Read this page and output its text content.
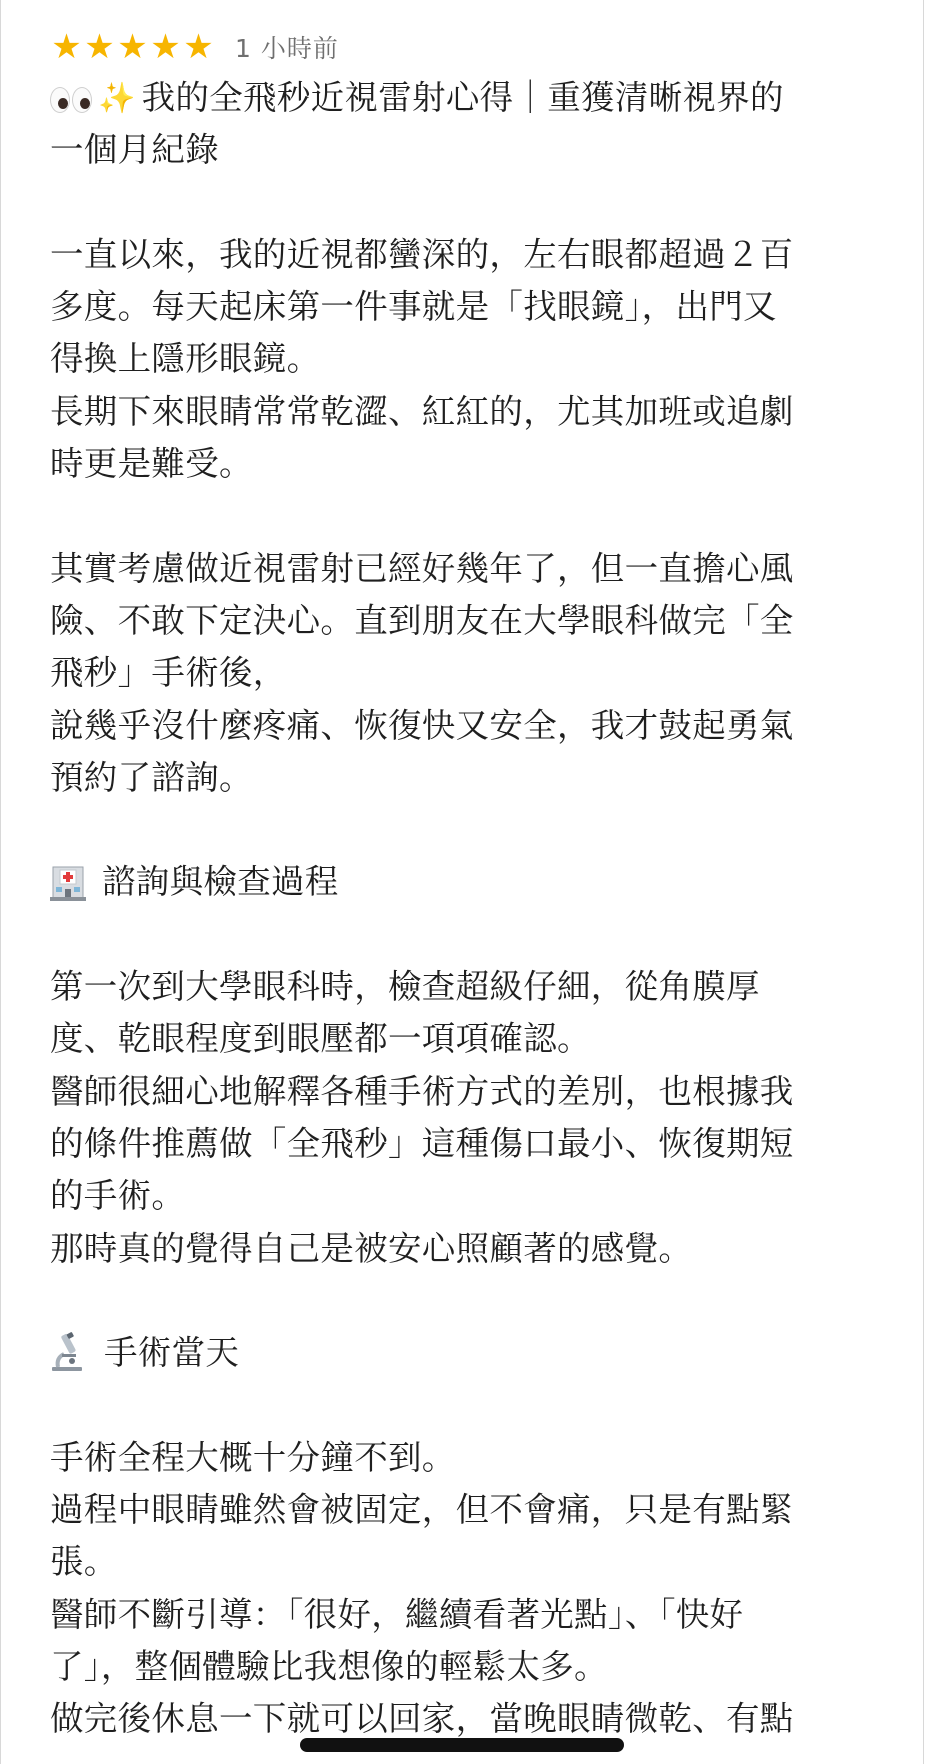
★ ★ ★ ★ ★ 1 小時前
✨ 我的全飛秒近視雷射心得｜重獲清晰視界的
一個月紀錄
一直以來，我的近視都蠻深的，左右眼都超過２百
多度。每天起床第一件事就是「找眼鏡」，出門又
得換上隱形眼鏡。
長期下來眼睛常常乾澀、紅紅的，尤其加班或追劇
時更是難受。
其實考慮做近視雷射已經好幾年了，但一直擔心風
險、不敢下定決心。直到朋友在大學眼科做完「全
飛秒」手術後，
說幾乎沒什麼疼痛、恢復快又安全，我才鼓起勇氣
預約了諮詢。
諮詢與檢查過程
第一次到大學眼科時，檢查超級仔細，從角膜厚
度、乾眼程度到眼壓都一項項確認。
醫師很細心地解釋各種手術方式的差別，也根據我
的條件推薦做「全飛秒」這種傷口最小、恢復期短
的手術。
那時真的覺得自己是被安心照顧著的感覺。
手術當天
手術全程大概十分鐘不到。
過程中眼睛雖然會被固定，但不會痛，只是有點緊
張。
醫師不斷引導：「很好，繼續看著光點」、「快好
了」，整個體驗比我想像的輕鬆太多。
做完後休息一下就可以回家，當晚眼睛微乾、有點
